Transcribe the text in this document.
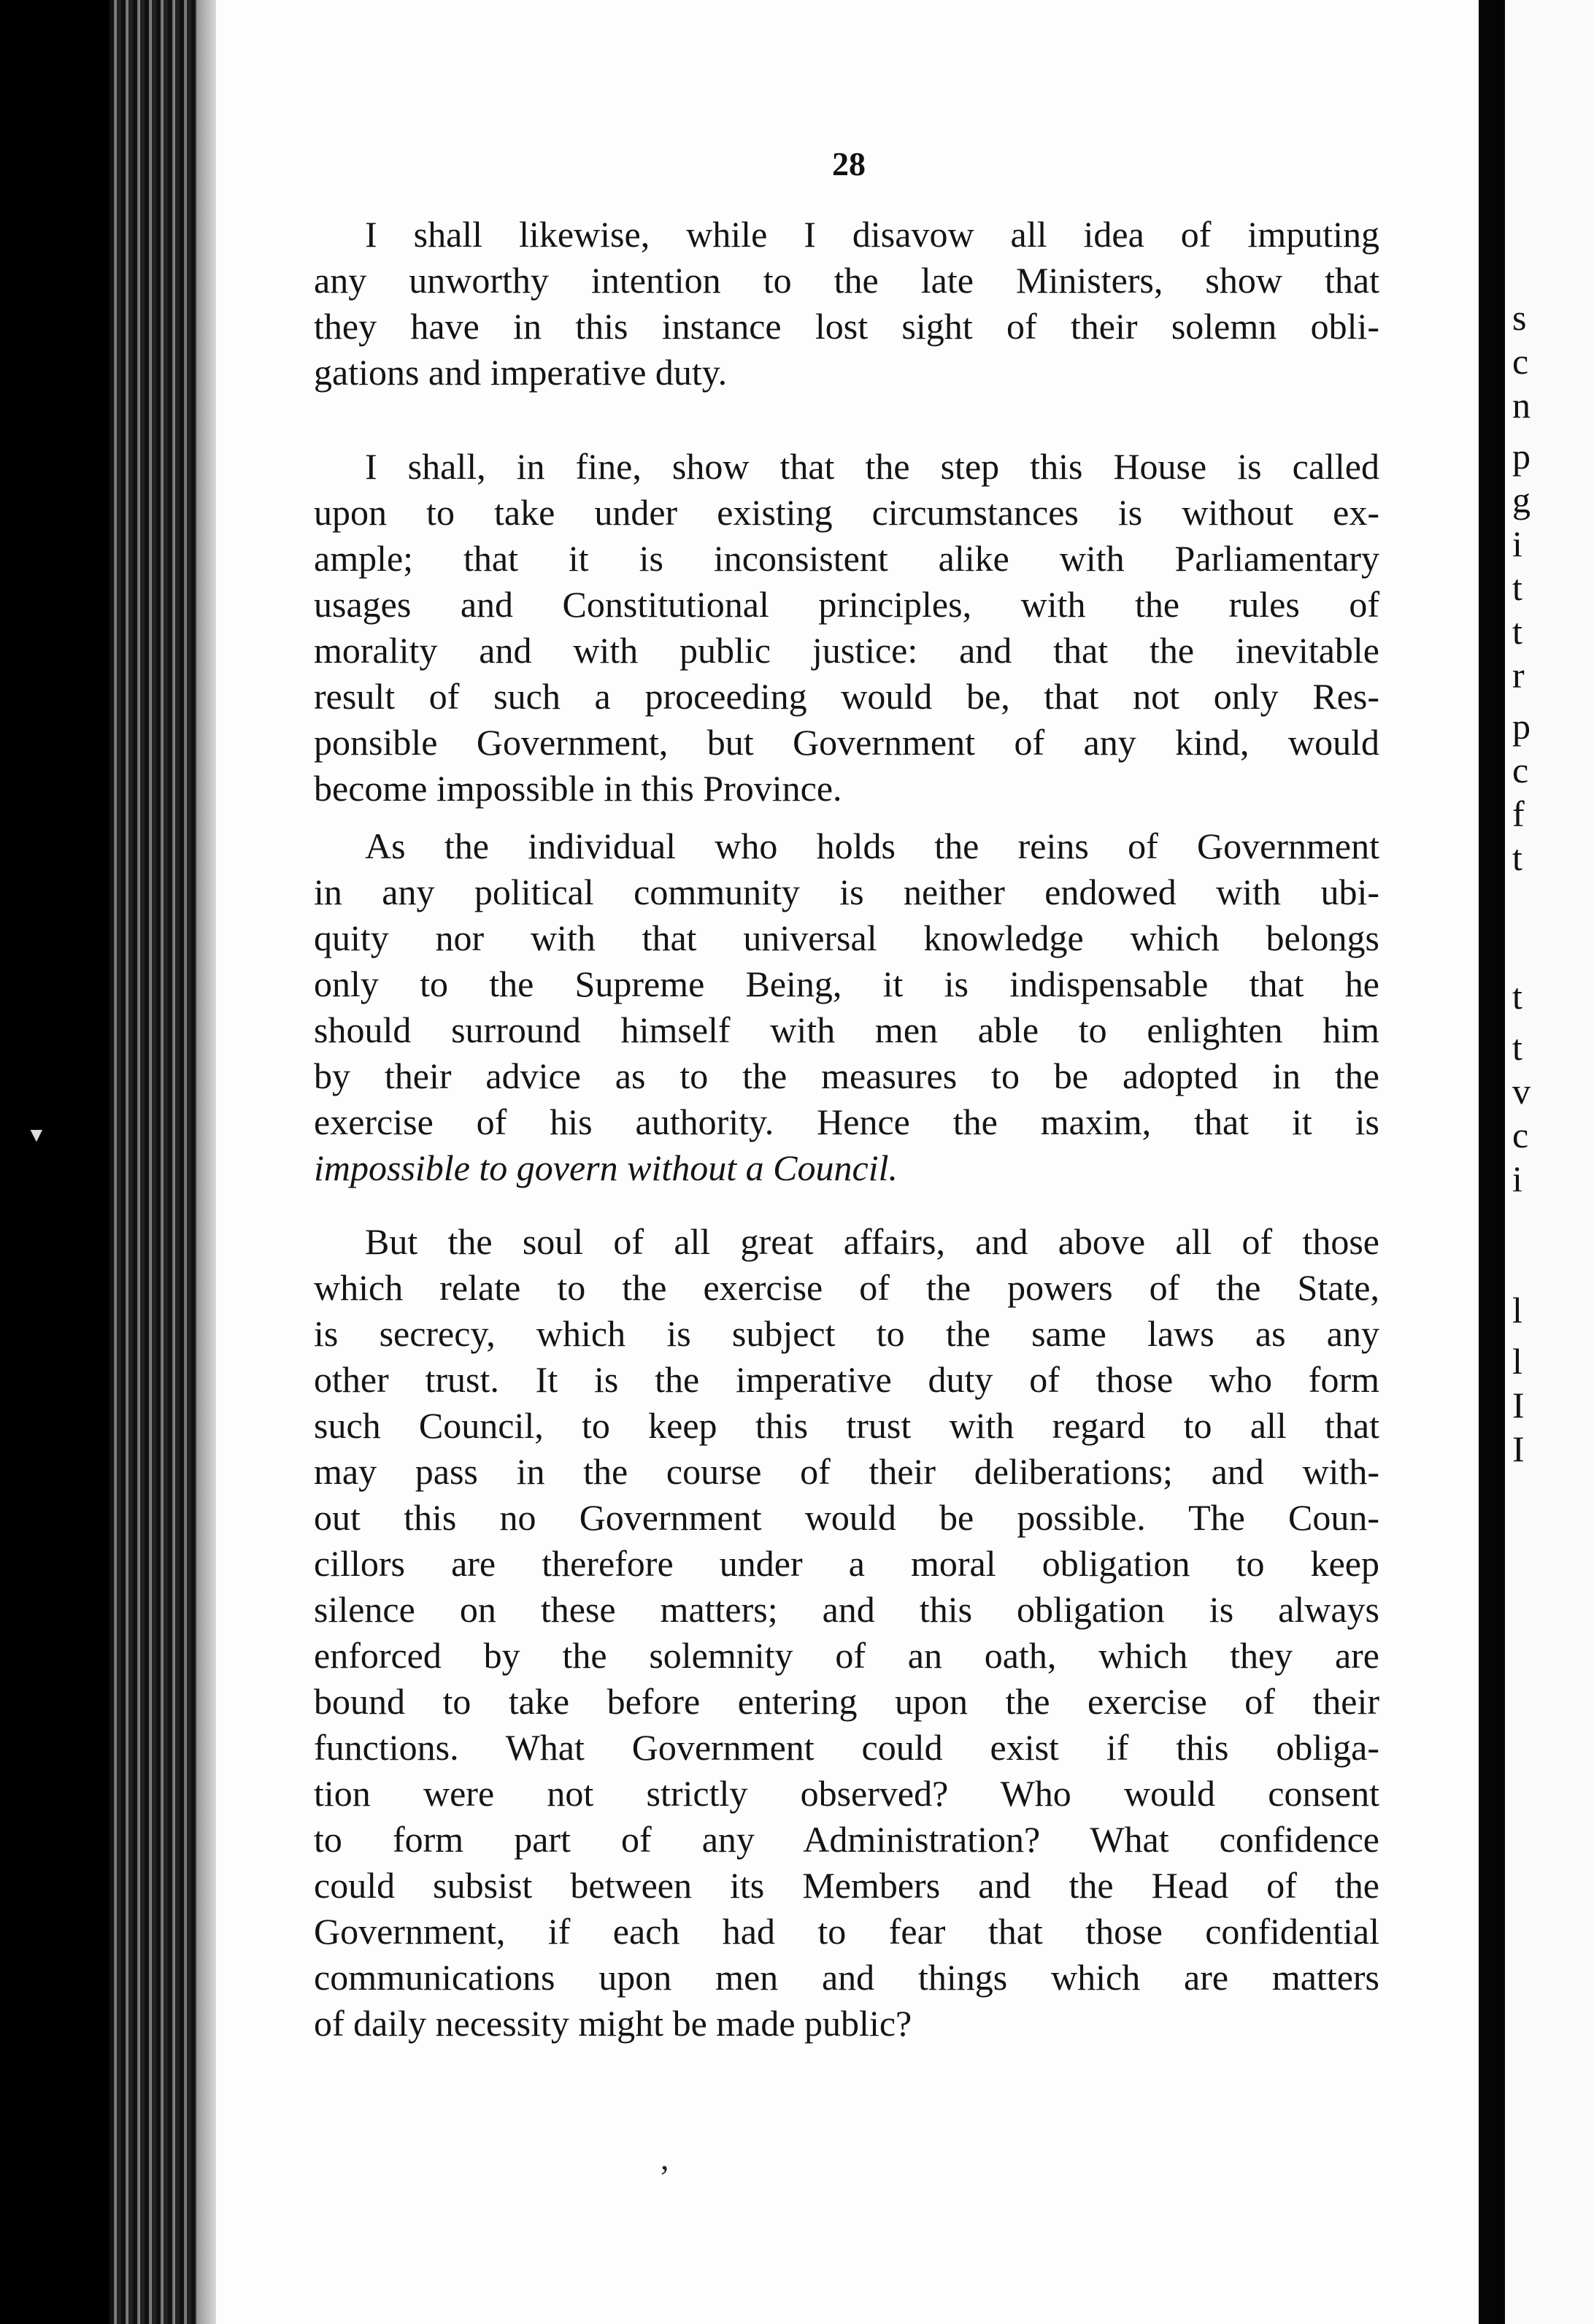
▼
s
c
n
p
g
i
t
t
r
p
c
f
t
t
t
v
c
i
l
l
I
I
28
I shall likewise, while I disavow all idea of imputing
any unworthy intention to the late Ministers, show that
they have in this instance lost sight of their solemn obli-
gations and imperative duty.
I shall, in fine, show that the step this House is called
upon to take under existing circumstances is without ex-
ample; that it is inconsistent alike with Parliamentary
usages and Constitutional principles, with the rules of
morality and with public justice: and that the inevitable
result of such a proceeding would be, that not only Res-
ponsible Government, but Government of any kind, would
become impossible in this Province.
As the individual who holds the reins of Government
in any political community is neither endowed with ubi-
quity nor with that universal knowledge which belongs
only to the Supreme Being, it is indispensable that he
should surround himself with men able to enlighten him
by their advice as to the measures to be adopted in the
exercise of his authority. Hence the maxim, that it is
impossible to govern without a Council.
But the soul of all great affairs, and above all of those
which relate to the exercise of the powers of the State,
is secrecy, which is subject to the same laws as any
other trust. It is the imperative duty of those who form
such Council, to keep this trust with regard to all that
may pass in the course of their deliberations; and with-
out this no Government would be possible. The Coun-
cillors are therefore under a moral obligation to keep
silence on these matters; and this obligation is always
enforced by the solemnity of an oath, which they are
bound to take before entering upon the exercise of their
functions. What Government could exist if this obliga-
tion were not strictly observed? Who would consent
to form part of any Administration? What confidence
could subsist between its Members and the Head of the
Government, if each had to fear that those confidential
communications upon men and things which are matters
of daily necessity might be made public?
,
